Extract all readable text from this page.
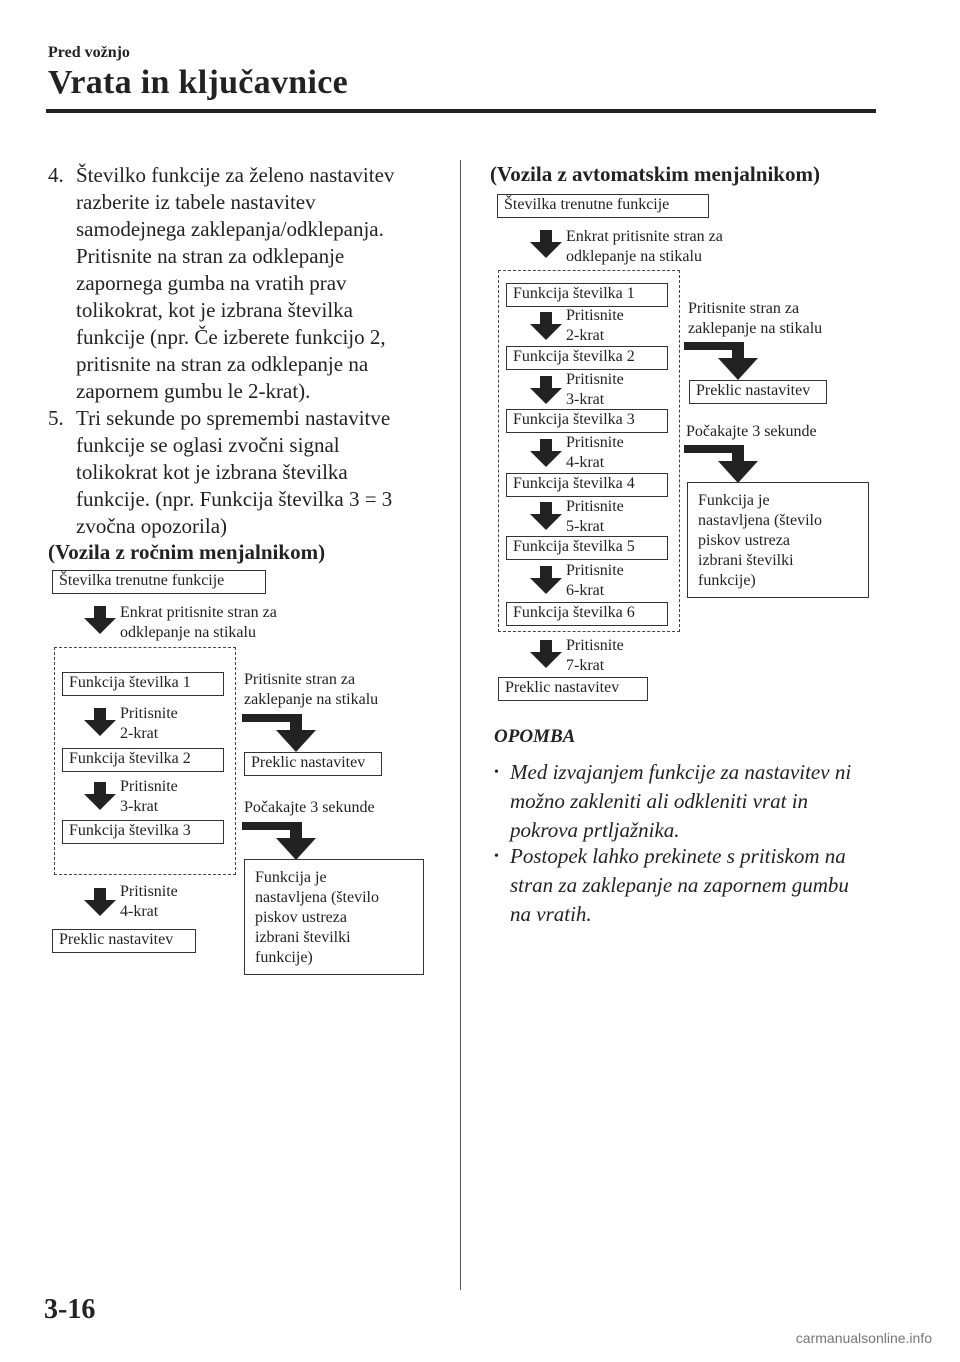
Pred vožnjo
Vrata in ključavnice
4. Številko funkcije za želeno nastavitev
razberite iz tabele nastavitev
samodejnega zaklepanja/odklepanja.
Pritisnite na stran za odklepanje
zapornega gumba na vratih prav
tolikokrat, kot je izbrana številka
funkcije (npr. Če izberete funkcijo 2,
pritisnite na stran za odklepanje na
zapornem gumbu le 2-krat).
5. Tri sekunde po spremembi nastavitve
funkcije se oglasi zvočni signal
tolikokrat kot je izbrana številka
funkcije. (npr. Funkcija številka 3 = 3
zvočna opozorila)
(Vozila z ročnim menjalnikom)
Številka trenutne funkcije
Enkrat pritisnite stran za
odklepanje na stikalu
Funkcija številka 1
Pritisnite
2-krat
Funkcija številka 2
Pritisnite
3-krat
Funkcija številka 3
Pritisnite
4-krat
Preklic nastavitev
Pritisnite stran za
zaklepanje na stikalu
Preklic nastavitev
Počakajte 3 sekunde
Funkcija je
nastavljena (število
piskov ustreza
izbrani številki
funkcije)
(Vozila z avtomatskim menjalnikom)
Številka trenutne funkcije
Enkrat pritisnite stran za
odklepanje na stikalu
Funkcija številka 1
Pritisnite
2-krat
Funkcija številka 2
Pritisnite
3-krat
Funkcija številka 3
Pritisnite
4-krat
Funkcija številka 4
Pritisnite
5-krat
Funkcija številka 5
Pritisnite
6-krat
Funkcija številka 6
Pritisnite
7-krat
Preklic nastavitev
Pritisnite stran za
zaklepanje na stikalu
Preklic nastavitev
Počakajte 3 sekunde
Funkcija je
nastavljena (število
piskov ustreza
izbrani številki
funkcije)
OPOMBA
• Med izvajanjem funkcije za nastavitev ni
možno zakleniti ali odkleniti vrat in
pokrova prtljažnika.
• Postopek lahko prekinete s pritiskom na
stran za zaklepanje na zapornem gumbu
na vratih.
3-16
carmanualsonline.info
